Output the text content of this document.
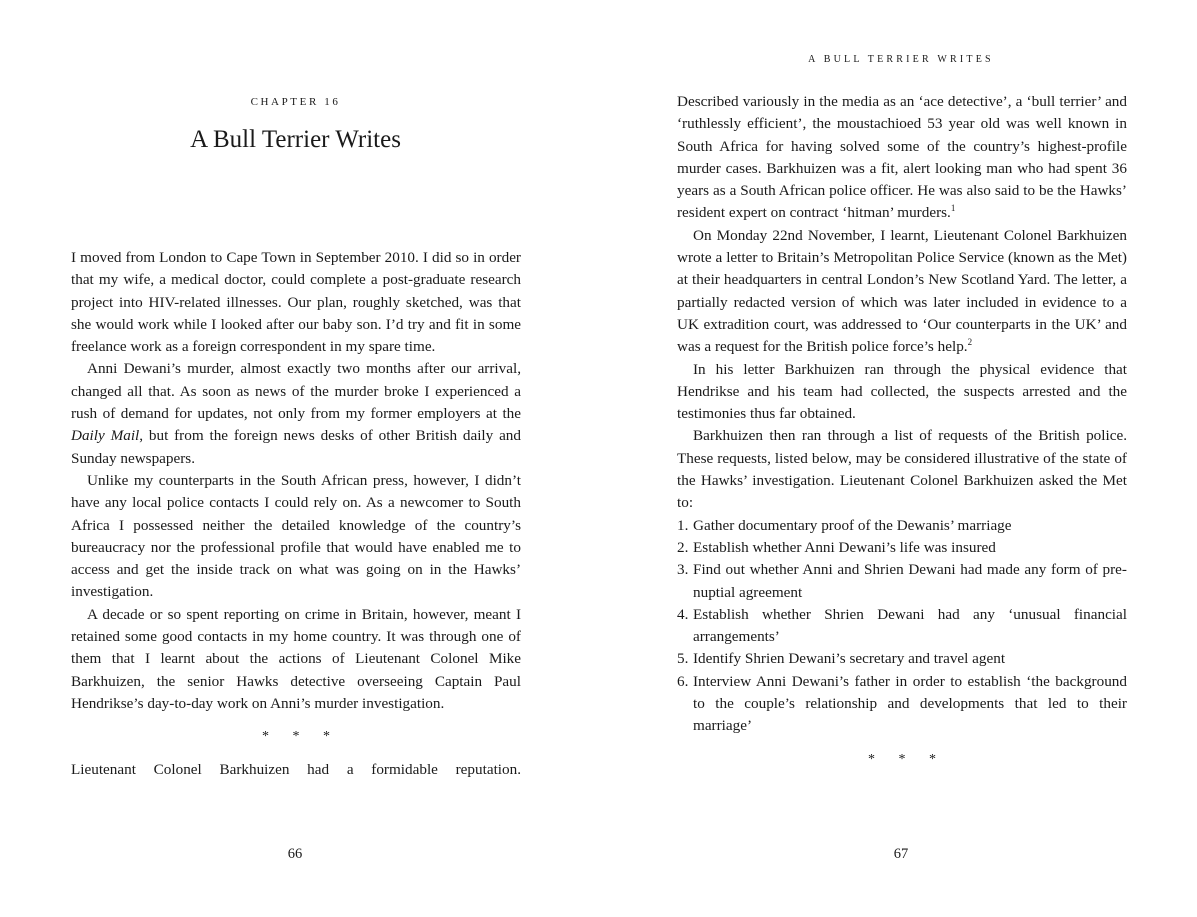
CHAPTER 16
A Bull Terrier Writes

I moved from London to Cape Town in September 2010. I did so in order that my wife, a medical doctor, could complete a post-graduate research project into HIV-related illnesses. Our plan, roughly sketched, was that she would work while I looked after our baby son. I’d try and fit in some freelance work as a foreign correspondent in my spare time.

Anni Dewani’s murder, almost exactly two months after our arrival, changed all that. As soon as news of the murder broke I experienced a rush of demand for updates, not only from my former employers at the Daily Mail, but from the foreign news desks of other British daily and Sunday newspapers.

Unlike my counterparts in the South African press, however, I didn’t have any local police contacts I could rely on. As a newcomer to South Africa I possessed neither the detailed knowledge of the country’s bureaucracy nor the professional profile that would have enabled me to access and get the inside track on what was going on in the Hawks’ investigation.

A decade or so spent reporting on crime in Britain, however, meant I retained some good contacts in my home country. It was through one of them that I learnt about the actions of Lieutenant Colonel Mike Barkhuizen, the senior Hawks detective overseeing Captain Paul Hendrikse’s day-to-day work on Anni’s murder investigation.

* * *

Lieutenant Colonel Barkhuizen had a formidable reputation.

66
A BULL TERRIER WRITES

Described variously in the media as an ‘ace detective’, a ‘bull terrier’ and ‘ruthlessly efficient’, the moustachioed 53 year old was well known in South Africa for having solved some of the country’s highest-profile murder cases. Barkhuizen was a fit, alert looking man who had spent 36 years as a South African police officer. He was also said to be the Hawks’ resident expert on contract ‘hitman’ murders.$^1$

On Monday 22nd November, I learnt, Lieutenant Colonel Barkhuizen wrote a letter to Britain’s Metropolitan Police Service (known as the Met) at their headquarters in central London’s New Scotland Yard. The letter, a partially redacted version of which was later included in evidence to a UK extradition court, was addressed to ‘Our counterparts in the UK’ and was a request for the British police force’s help.$^2$

In his letter Barkhuizen ran through the physical evidence that Hendrikse and his team had collected, the suspects arrested and the testimonies thus far obtained.

Barkhuizen then ran through a list of requests of the British police. These requests, listed below, may be considered illustrative of the state of the Hawks’ investigation. Lieutenant Colonel Barkhuizen asked the Met to:

1. Gather documentary proof of the Dewanis’ marriage
2. Establish whether Anni Dewani’s life was insured
3. Find out whether Anni and Shrien Dewani had made any form of pre-nuptial agreement
4. Establish whether Shrien Dewani had any ‘unusual financial arrangements’
5. Identify Shrien Dewani’s secretary and travel agent
6. Interview Anni Dewani’s father in order to establish ‘the background to the couple’s relationship and developments that led to their marriage’
* * *
67
